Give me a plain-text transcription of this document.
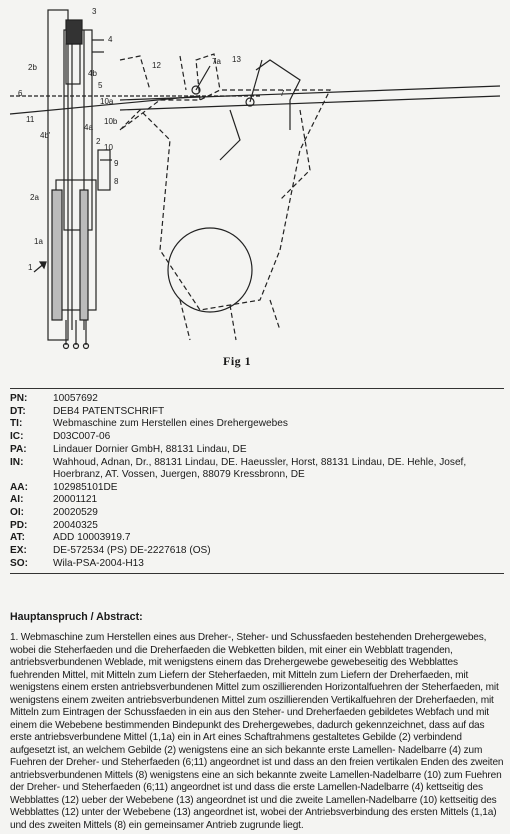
3
4
2b
4b
5
6
11
4b'
4a
2
10a
10b
10
9
8
2a
1a
1
12	7a 13
7
Fig 1
PN:	10057692
DT:	DEB4 PATENTSCHRIFT
TI:	Webmaschine zum Herstellen eines Drehergewebes
IC:	D03C007-06
PA:	Lindauer Dornier GmbH, 88131 Lindau, DE
IN:	Wahhoud, Adnan, Dr., 88131 Lindau, DE. Haeussler, Horst, 88131 Lindau, DE. Hehle, Josef, Hoerbranz, AT. Vossen, Juergen, 88079 Kressbronn, DE
AA:	102985101DE
AI:	20001121
OI:	20020529
PD:	20040325
AT:	ADD 10003919.7
EX:	DE-572534 (PS) DE-2227618 (OS)
SO:	Wila-PSA-2004-H13
Hauptanspruch / Abstract:

1. Webmaschine zum Herstellen eines aus Dreher-, Steher- und Schussfaeden bestehenden Drehergewebes, wobei die Steherfaeden und die Dreherfaeden die Webketten bilden, mit einer ein Webblatt tragenden, antriebsverbundenen Weblade, mit wenigstens einem das Drehergewebe gewebeseitig des Webblattes fuehrenden Mittel, mit Mitteln zum Liefern der Steherfaeden, mit Mitteln zum Liefern der Dreherfaeden, mit wenigstens einem ersten antriebsverbundenen Mittel zum oszillierenden Horizontalfuehren der Steherfaeden, mit wenigstens einem zweiten antriebsverbundenen Mittel zum oszillierenden Vertikalfuehren der Dreherfaeden, mit Mitteln zum Eintragen der Schussfaeden in ein aus den Steher- und Dreherfaeden gebildetes Webfach und mit einem die Webebene bestimmenden Bindepunkt des Drehergewebes, dadurch gekennzeichnet, dass auf das erste antriebsverbundene Mittel (1,1a) ein in Art eines Schaftrahmens gestaltetes Gebilde (2) verbindend aufgesetzt ist, an welchem Gebilde (2) wenigstens eine an sich bekannte erste Lamellen- Nadelbarre (4) zum Fuehren der Dreher- und Steherfaeden (6;11) angeordnet ist und dass an den freien vertikalen Enden des zweiten antriebsverbundenen Mittels (8) wenigstens eine an sich bekannte zweite Lamellen-Nadelbarre (10) zum Fuehren der Dreher- und Steherfaeden (6;11) angeordnet ist und dass die erste Lamellen-Nadelbarre (4) kettseitig des Webblattes (12) ueber der Webebene (13) angeordnet ist und die zweite Lamellen-Nadelbarre (10) kettseitig des Webblattes (12) unter der Webebene (13) angeordnet ist, wobei der Antriebsverbindung des ersten Mittels (1,1a) und des zweiten Mittels (8) ein gemeinsamer Antrieb zugrunde liegt.
